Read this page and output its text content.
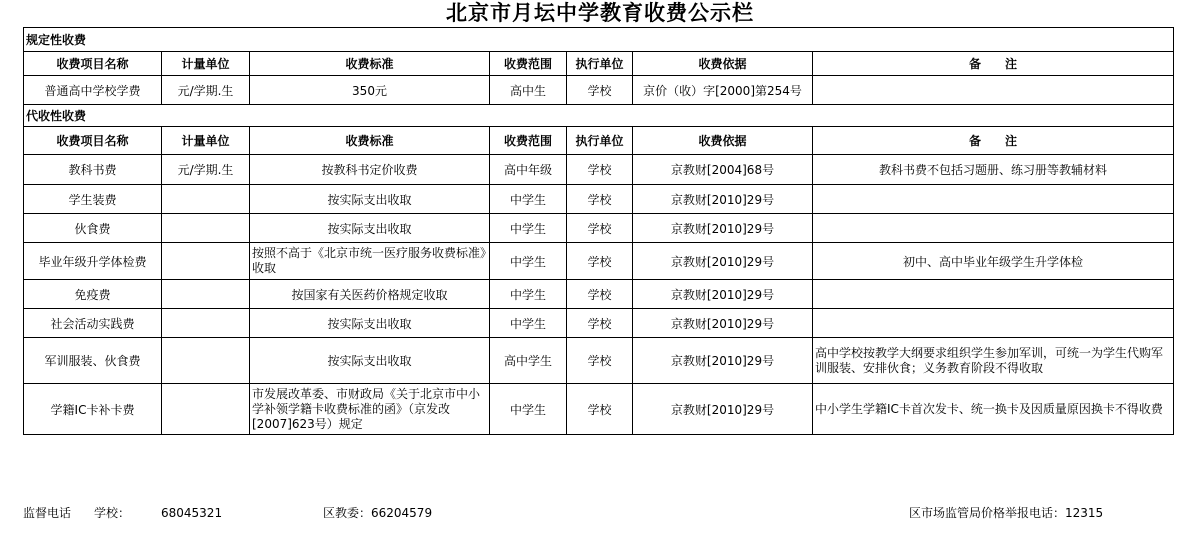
北京市月坛中学教育收费公示栏
规定性收费						
收费项目名称	计量单位	收费标准	收费范围	执行单位	收费依据	备　　注
普通高中学校学费	元/学期.生	350元	高中生	学校	京价（收）字[2000]第254号	
代收性收费						
收费项目名称	计量单位	收费标准	收费范围	执行单位	收费依据	备　　注
教科书费	元/学期.生	按教科书定价收费	高中年级	学校	京教财[2004]68号	教科书费不包括习题册、练习册等教辅材料
学生装费		按实际支出收取	中学生	学校	京教财[2010]29号	
伙食费		按实际支出收取	中学生	学校	京教财[2010]29号	
毕业年级升学体检费		按照不高于《北京市统一医疗服务收费标准》收取	中学生	学校	京教财[2010]29号	初中、高中毕业年级学生升学体检
免疫费		按国家有关医药价格规定收取	中学生	学校	京教财[2010]29号	
社会活动实践费		按实际支出收取	中学生	学校	京教财[2010]29号	
军训服装、伙食费		按实际支出收取	高中学生	学校	京教财[2010]29号	高中学校按教学大纲要求组织学生参加军训，可统一为学生代购军训服装、安排伙食；义务教育阶段不得收取
学籍IC卡补卡费		市发展改革委、市财政局《关于北京市中小学补领学籍卡收费标准的函》（京发改[2007]623号）规定	中学生	学校	京教财[2010]29号	中小学生学籍IC卡首次发卡、统一换卡及因质量原因换卡不得收费
监督电话 学校：	68045321	区教委：66204579	区市场监管局价格举报电话：12315
